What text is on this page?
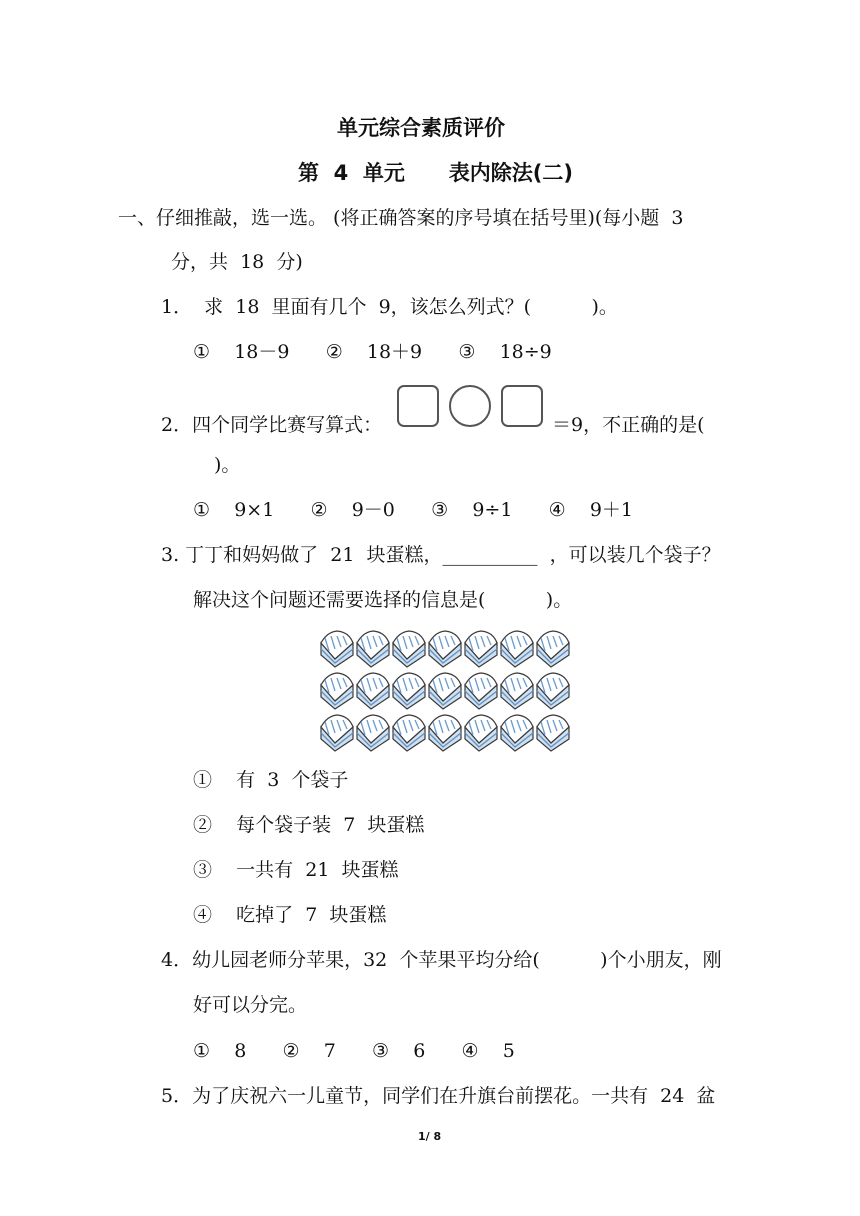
单元综合素质评价
第  4  单元      表内除法(二)
一、仔细推敲，选一选。 (将正确答案的序号填在括号里)(每小题  3
分，共  18  分)
1．  求  18  里面有几个  9，该怎么列式？(          )。
①    18－9      ②    18＋9      ③    18÷9
2．四个同学比赛写算式：	＝9，不正确的是(
)。
①    9×1      ②    9－0      ③    9÷1      ④    9＋1
3. 丁丁和妈妈做了  21  块蛋糕，__________  ，可以装几个袋子？
解决这个问题还需要选择的信息是(          )。
①    有  3  个袋子
②    每个袋子装  7  块蛋糕
③    一共有  21  块蛋糕
④    吃掉了  7  块蛋糕
4．幼儿园老师分苹果，32  个苹果平均分给(          )个小朋友，刚
好可以分完。
①    8      ②    7      ③    6      ④    5
5．为了庆祝六一儿童节，同学们在升旗台前摆花。一共有  24  盆
1/ 8
